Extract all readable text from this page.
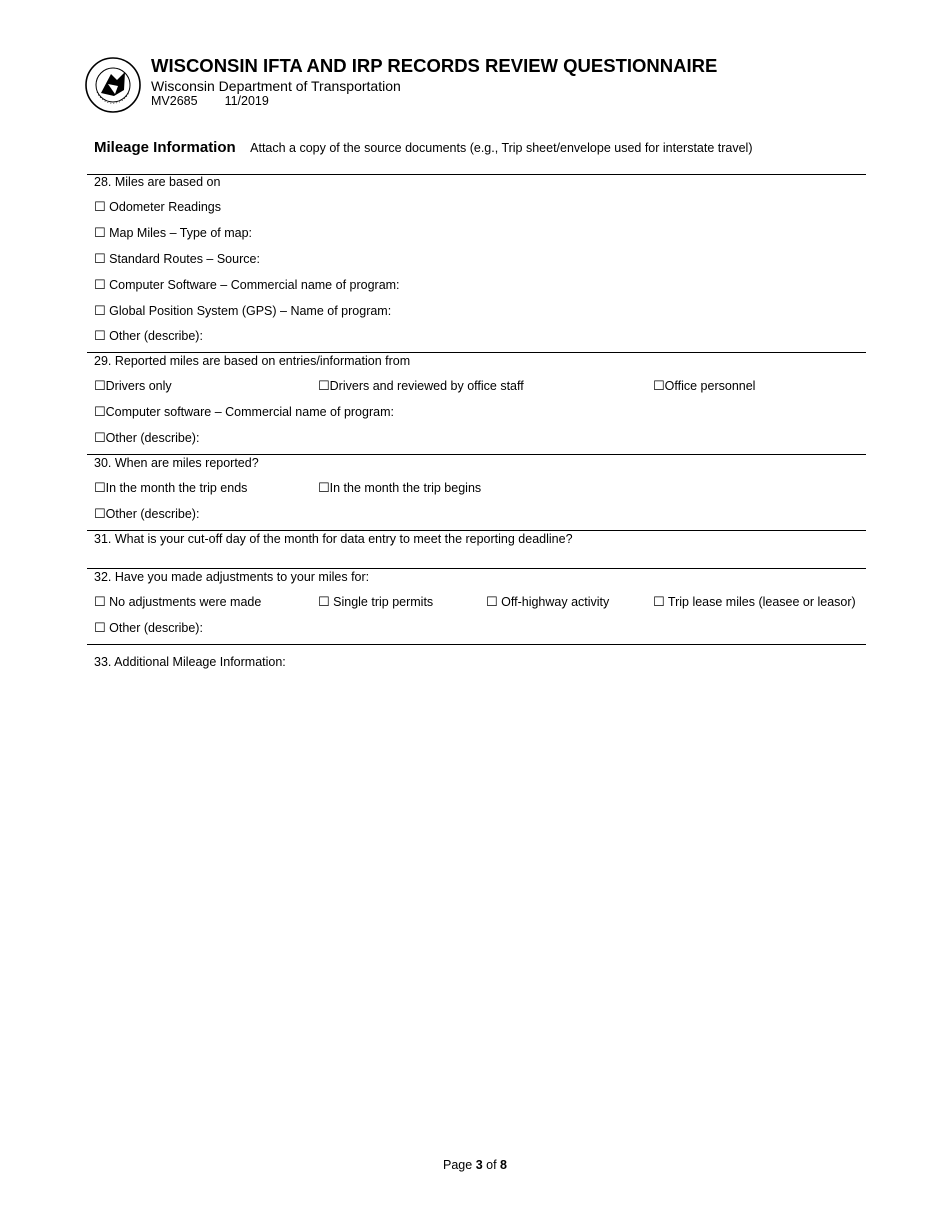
WISCONSIN IFTA AND IRP RECORDS REVIEW QUESTIONNAIRE
Wisconsin Department of Transportation
MV2685 11/2019
Mileage Information Attach a copy of the source documents (e.g., Trip sheet/envelope used for interstate travel)
28. Miles are based on
☐ Odometer Readings
☐ Map Miles – Type of map:
☐ Standard Routes – Source:
☐ Computer Software – Commercial name of program:
☐ Global Position System (GPS) – Name of program:
☐ Other (describe):
29. Reported miles are based on entries/information from
☐Drivers only	☐Drivers and reviewed by office staff	☐Office personnel
☐Computer software – Commercial name of program:
☐Other (describe):
30. When are miles reported?
☐In the month the trip ends	☐In the month the trip begins
☐Other (describe):
31. What is your cut-off day of the month for data entry to meet the reporting deadline?
32. Have you made adjustments to your miles for:
☐ No adjustments were made	☐ Single trip permits	☐ Off-highway activity	☐ Trip lease miles (leasee or leasor)
☐ Other (describe):
33. Additional Mileage Information:
Page 3 of 8
